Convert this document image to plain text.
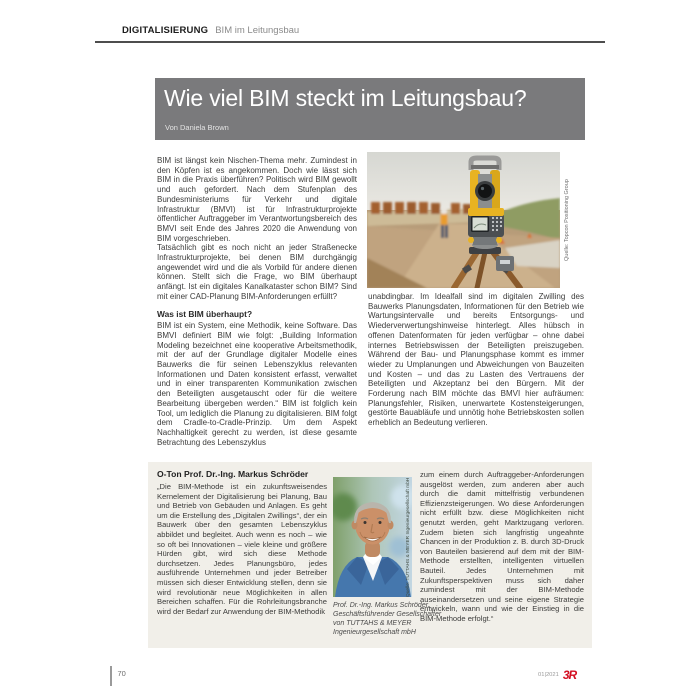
DIGITALISIERUNG BIM im Leitungsbau
Wie viel BIM steckt im Leitungsbau?
Von Daniela Brown

BIM ist längst kein Nischen-Thema mehr. Zumindest in den Köpfen ist es angekommen. Doch wie lässt sich BIM in die Praxis überführen? Politisch wird BIM gewollt und auch gefordert. Nach dem Stufenplan des Bundesministeriums für Verkehr und digitale Infrastruktur (BMVI) ist für Infrastrukturprojekte öffentlicher Auftraggeber im Verantwortungsbereich des BMVI seit Ende des Jahres 2020 die Anwendung von BIM vorgeschrieben.

Tatsächlich gibt es noch nicht an jeder Straßenecke Infrastrukturprojekte, bei denen BIM durchgängig angewendet wird und die als Vorbild für andere dienen können. Stellt sich die Frage, wo BIM überhaupt anfängt. Ist ein digitales Kanalkataster schon BIM? Sind mit einer CAD-Planung BIM-Anforderungen erfüllt?

Was ist BIM überhaupt?

BIM ist ein System, eine Methodik, keine Software. Das BMVI definiert BIM wie folgt: „Building Information Modeling bezeichnet eine kooperative Arbeitsmethodik, mit der auf der Grundlage digitaler Modelle eines Bauwerks die für seinen Lebenszyklus relevanten Informationen und Daten konsistent erfasst, verwaltet und in einer transparenten Kommunikation zwischen den Beteiligten ausgetauscht oder für die weitere Bearbeitung übergeben werden.“ BIM ist folglich kein Tool, um lediglich die Planung zu digitalisieren. BIM folgt dem Cradle-to-Cradle-Prinzip. Um dem Aspekt Nachhaltigkeit gerecht zu werden, ist diese gesamte Betrachtung des Lebenszyklus

Quelle: Topcon Positioning Group

unabdingbar. Im Idealfall sind im digitalen Zwilling des Bauwerks Planungsdaten, Informationen für den Betrieb wie Wartungsintervalle und bereits Entsorgungs- und Wiederverwertungshinweise hinterlegt. Alles hübsch in offenen Datenformaten für jeden verfügbar – ohne dabei internes Betriebswissen der Beteiligten preiszugeben. Während der Bau- und Planungsphase kommt es immer wieder zu Umplanungen und Abweichungen von Bauzeiten und Kosten – und das zu Lasten des Vertrauens der Beteiligten und Akzeptanz bei den Bürgern. Mit der Forderung nach BIM möchte das BMVI hier aufräumen: Planungsfehler, Risiken, unerwartete Kostensteigerungen, gestörte Bauabläufe und unnötig hohe Betriebskosten sollen erheblich an Bedeutung verlieren.

O-Ton Prof. Dr.-Ing. Markus Schröder
„Die BIM-Methode ist ein zukunftsweisendes Kernelement der Digitalisierung bei Planung, Bau und Betrieb von Gebäuden und Anlagen. Es geht um die Erstellung des „Digitalen Zwillings“, der ein Bauwerk über den gesamten Lebenszyklus abbildet und begleitet. Auch wenn es noch – wie so oft bei Innovationen – viele kleine und größere Hürden gibt, wird sich diese Methode durchsetzen. Jedes Planungsbüro, jedes ausführende Unternehmen und jeder Betreiber müssen sich dieser Entwicklung stellen, denn sie wird revolutionär neue Möglichkeiten in allen Bereichen schaffen. Für die Rohrleitungsbranche wird der Bedarf zur Anwendung der BIM-Methodik
Quelle: TUTTAHS & MEYER Ingenieurgesellschaft mbH
Prof. Dr.-Ing. Markus Schröder, Geschäftsführender Gesellschafter von TUTTAHS & MEYER Ingenieurgesellschaft mbH
zum einem durch Auftraggeber-Anforderungen ausgelöst werden, zum anderen aber auch durch die damit mittelfristig verbundenen Effizienzsteigerungen. Wo diese Anforderungen nicht erfüllt bzw. diese Möglichkeiten nicht genutzt werden, geht Marktzugang verloren. Zudem bieten sich langfristig ungeahnte Chancen in der Produktion z. B. durch 3D-Druck von Bauteilen basierend auf dem mit der BIM-Methode erstellten, intelligenten virtuellen Bauteil. Jedes Unternehmen mit Zukunftsperspektiven muss sich daher zumindest mit der BIM-Methode auseinandersetzen und seine eigene Strategie entwickeln, wann und wie der Einstieg in die BIM-Methode erfolgt.“
70	01|2021 3R
